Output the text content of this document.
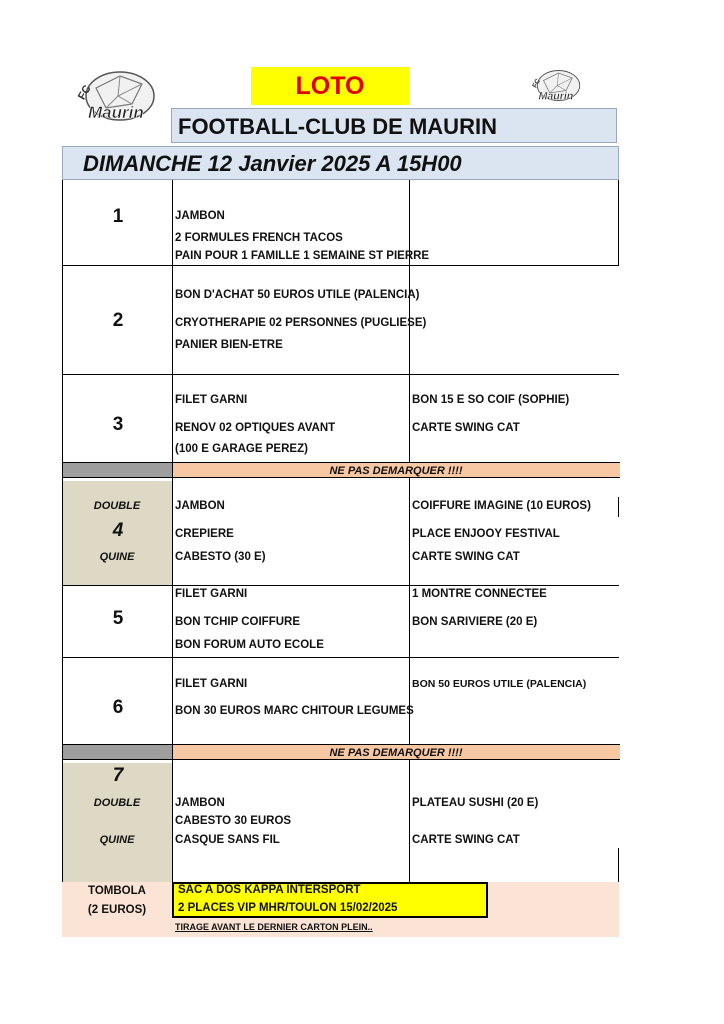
LOTO
FC
Maurin
FC
Maurin
FOOTBALL-CLUB DE MAURIN
DIMANCHE 12 Janvier 2025 A 15H00
NE PAS DEMARQUER !!!!
NE PAS DEMARQUER !!!!
1	JAMBON
2 FORMULES FRENCH TACOS
PAIN POUR 1 FAMILLE 1 SEMAINE ST PIERRE
2
BON D'ACHAT 50 EUROS UTILE (PALENCIA)
CRYOTHERAPIE 02 PERSONNES (PUGLIESE)
PANIER BIEN-ETRE
3
FILET GARNI
RENOV 02 OPTIQUES AVANT
(100 E GARAGE PEREZ)
BON 15 E SO COIF (SOPHIE)
CARTE SWING CAT
DOUBLE
4
QUINE
JAMBON
CREPIERE
CABESTO (30 E)
COIFFURE IMAGINE (10 EUROS)
PLACE ENJOOY FESTIVAL
CARTE SWING CAT
5
FILET GARNI
BON TCHIP COIFFURE
BON FORUM AUTO ECOLE
1 MONTRE CONNECTEE
BON SARIVIERE (20 E)
6
FILET GARNI
BON 30 EUROS MARC CHITOUR LEGUMES
BON 50 EUROS UTILE (PALENCIA)
7
DOUBLE
QUINE
JAMBON
CABESTO 30 EUROS
CASQUE SANS FIL
PLATEAU SUSHI (20 E)
CARTE SWING CAT
TOMBOLA
(2 EUROS)
SAC A DOS KAPPA INTERSPORT
2 PLACES VIP MHR/TOULON 15/02/2025
TIRAGE AVANT LE DERNIER CARTON PLEIN..
